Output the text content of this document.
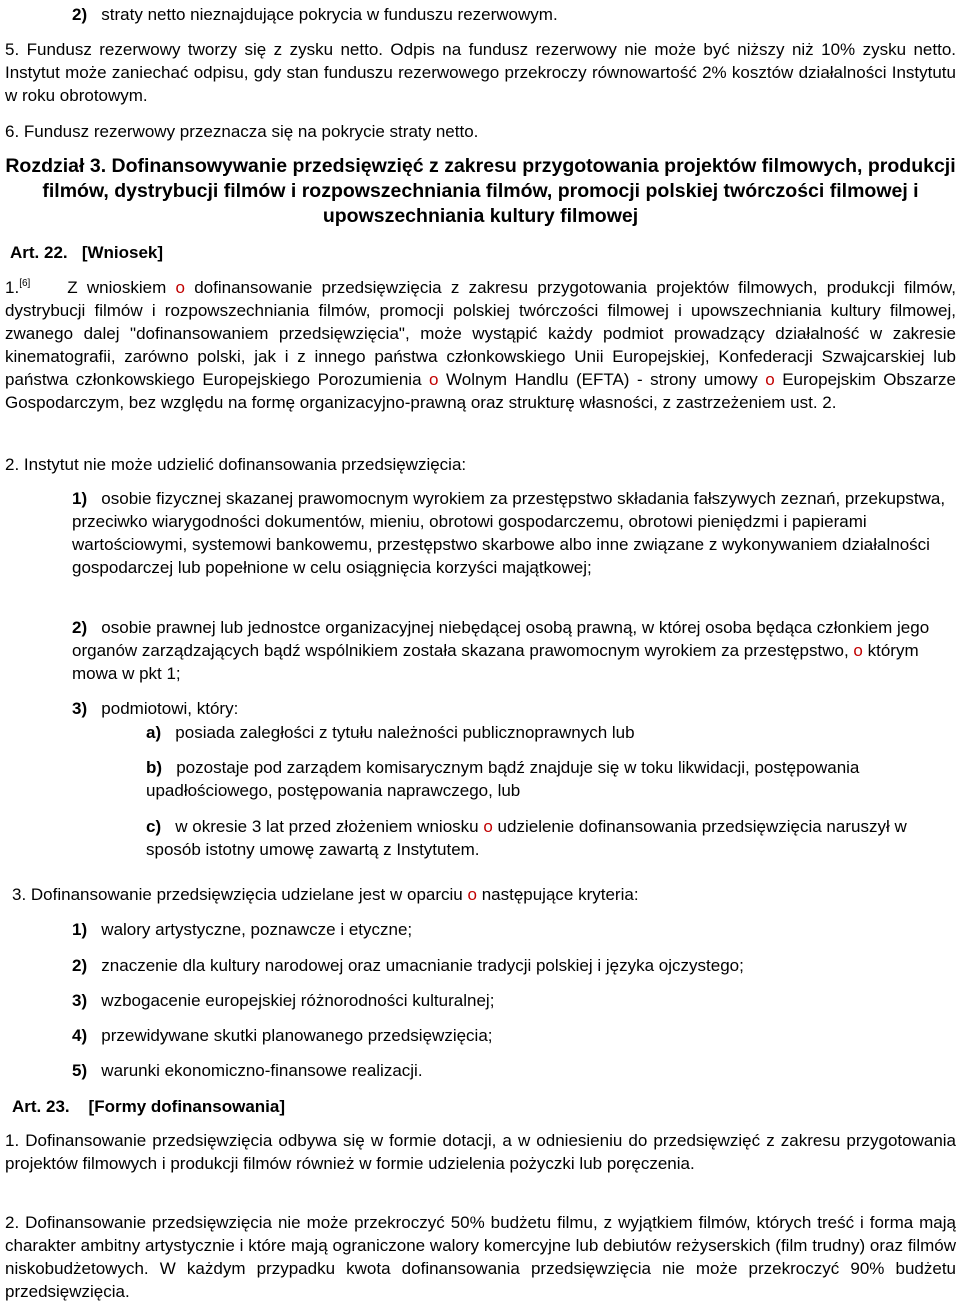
2) straty netto nieznajdujące pokrycia w funduszu rezerwowym.

5. Fundusz rezerwowy tworzy się z zysku netto. Odpis na fundusz rezerwowy nie może być niższy niż 10% zysku netto. Instytut może zaniechać odpisu, gdy stan funduszu rezerwowego przekroczy równowartość 2% kosztów działalności Instytutu w roku obrotowym.

6. Fundusz rezerwowy przeznacza się na pokrycie straty netto.

Rozdział 3. Dofinansowywanie przedsięwzięć z zakresu przygotowania projektów filmowych, produkcji filmów, dystrybucji filmów i rozpowszechniania filmów, promocji polskiej twórczości filmowej i upowszechniania kultury filmowej

Art. 22. [Wniosek]

1.[6] Z wnioskiem o dofinansowanie przedsięwzięcia z zakresu przygotowania projektów filmowych, produkcji filmów, dystrybucji filmów i rozpowszechniania filmów, promocji polskiej twórczości filmowej i upowszechniania kultury filmowej, zwanego dalej "dofinansowaniem przedsięwzięcia", może wystąpić każdy podmiot prowadzący działalność w zakresie kinematografii, zarówno polski, jak i z innego państwa członkowskiego Unii Europejskiej, Konfederacji Szwajcarskiej lub państwa członkowskiego Europejskiego Porozumienia o Wolnym Handlu (EFTA) - strony umowy o Europejskim Obszarze Gospodarczym, bez względu na formę organizacyjno-prawną oraz strukturę własności, z zastrzeżeniem ust. 2.

2. Instytut nie może udzielić dofinansowania przedsięwzięcia:

1) osobie fizycznej skazanej prawomocnym wyrokiem za przestępstwo składania fałszywych zeznań, przekupstwa, przeciwko wiarygodności dokumentów, mieniu, obrotowi gospodarczemu, obrotowi pieniędzmi i papierami wartościowymi, systemowi bankowemu, przestępstwo skarbowe albo inne związane z wykonywaniem działalności gospodarczej lub popełnione w celu osiągnięcia korzyści majątkowej;

2) osobie prawnej lub jednostce organizacyjnej niebędącej osobą prawną, w której osoba będąca członkiem jego organów zarządzających bądź wspólnikiem została skazana prawomocnym wyrokiem za przestępstwo, o którym mowa w pkt 1;

3) podmiotowi, który:

a) posiada zaległości z tytułu należności publicznoprawnych lub

b) pozostaje pod zarządem komisarycznym bądź znajduje się w toku likwidacji, postępowania upadłościowego, postępowania naprawczego, lub

c) w okresie 3 lat przed złożeniem wniosku o udzielenie dofinansowania przedsięwzięcia naruszył w sposób istotny umowę zawartą z Instytutem.

3. Dofinansowanie przedsięwzięcia udzielane jest w oparciu o następujące kryteria:

1) walory artystyczne, poznawcze i etyczne;

2) znaczenie dla kultury narodowej oraz umacnianie tradycji polskiej i języka ojczystego;

3) wzbogacenie europejskiej różnorodności kulturalnej;

4) przewidywane skutki planowanego przedsięwzięcia;

5) warunki ekonomiczno-finansowe realizacji.

Art. 23. [Formy dofinansowania]

1. Dofinansowanie przedsięwzięcia odbywa się w formie dotacji, a w odniesieniu do przedsięwzięć z zakresu przygotowania projektów filmowych i produkcji filmów również w formie udzielenia pożyczki lub poręczenia.

2. Dofinansowanie przedsięwzięcia nie może przekroczyć 50% budżetu filmu, z wyjątkiem filmów, których treść i forma mają charakter ambitny artystycznie i które mają ograniczone walory komercyjne lub debiutów reżyserskich (film trudny) oraz filmów niskobudżetowych. W każdym przypadku kwota dofinansowania przedsięwzięcia nie może przekroczyć 90% budżetu przedsięwzięcia.
